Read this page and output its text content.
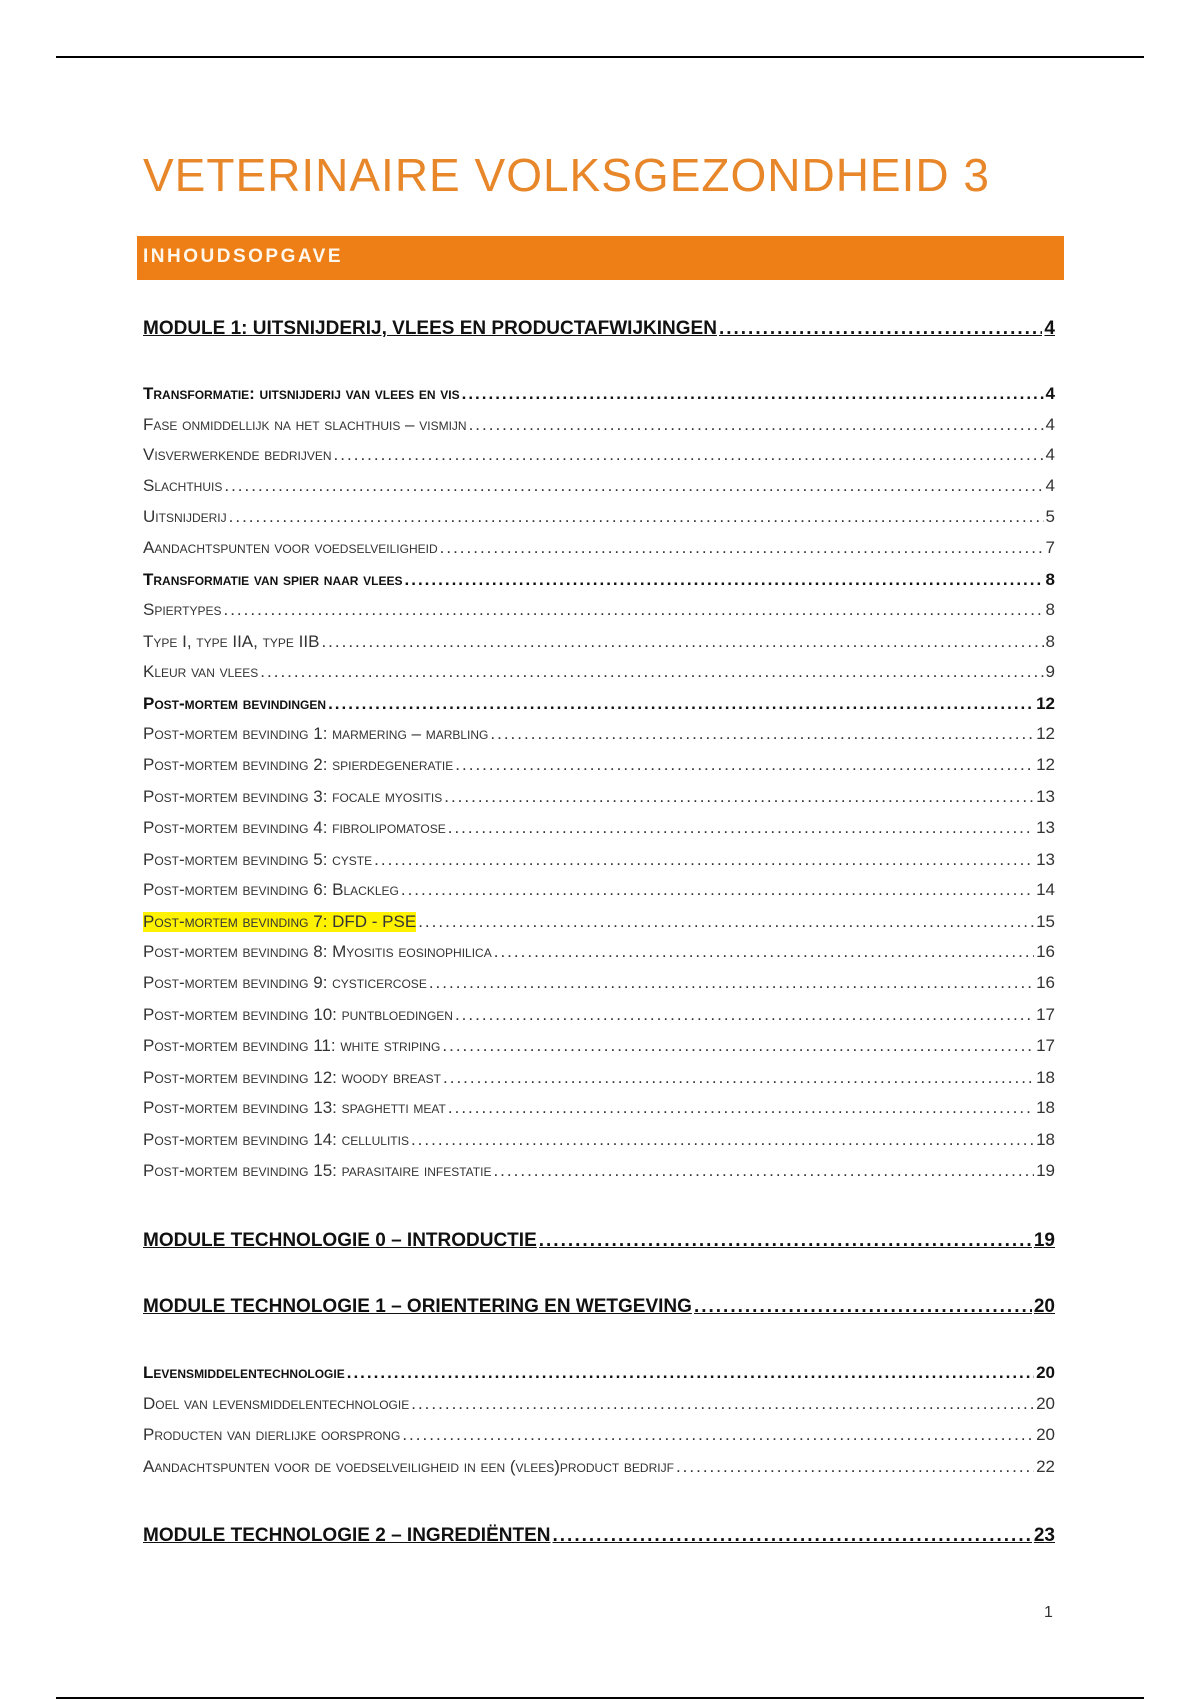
VETERINAIRE VOLKSGEZONDHEID 3
INHOUDSOPGAVE
MODULE 1: UITSNIJDERIJ, VLEES EN PRODUCTAFWIJKINGEN .....	4
Transformatie: uitsnijderij van vlees en vis .....	4
Fase onmiddellijk na het slachthuis – vismijn .....	4
Visverwerkende bedrijven .....	4
Slachthuis .....	4
Uitsnijderij .....	5
Aandachtspunten voor voedselveiligheid .....	7
Transformatie van spier naar vlees .....	8
Spiertypes .....	8
Type I, type IIA, type IIB .....	8
Kleur van vlees .....	9
Post-mortem bevindingen .....	12
Post-mortem bevinding 1: marmering – marbling .....	12
Post-mortem bevinding 2: spierdegeneratie .....	12
Post-mortem bevinding 3: focale myositis .....	13
Post-mortem bevinding 4: fibrolipomatose .....	13
Post-mortem bevinding 5: cyste .....	13
Post-mortem bevinding 6: Blackleg .....	14
Post-mortem bevinding 7: DFD - PSE .....	15
Post-mortem bevinding 8: Myositis eosinophilica .....	16
Post-mortem bevinding 9: cysticercose .....	16
Post-mortem bevinding 10: puntbloedingen .....	17
Post-mortem bevinding 11: white striping .....	17
Post-mortem bevinding 12: woody breast .....	18
Post-mortem bevinding 13: spaghetti meat .....	18
Post-mortem bevinding 14: cellulitis .....	18
Post-mortem bevinding 15: parasitaire infestatie .....	19
MODULE TECHNOLOGIE 0 – INTRODUCTIE .....	19
MODULE TECHNOLOGIE 1 – ORIENTERING EN WETGEVING .....	20
Levensmiddelentechnologie .....	20
Doel van levensmiddelentechnologie .....	20
Producten van dierlijke oorsprong .....	20
Aandachtspunten voor de voedselveiligheid in een (vlees)product bedrijf .....	22
MODULE TECHNOLOGIE 2 – INGREDIËNTEN .....	23
1
